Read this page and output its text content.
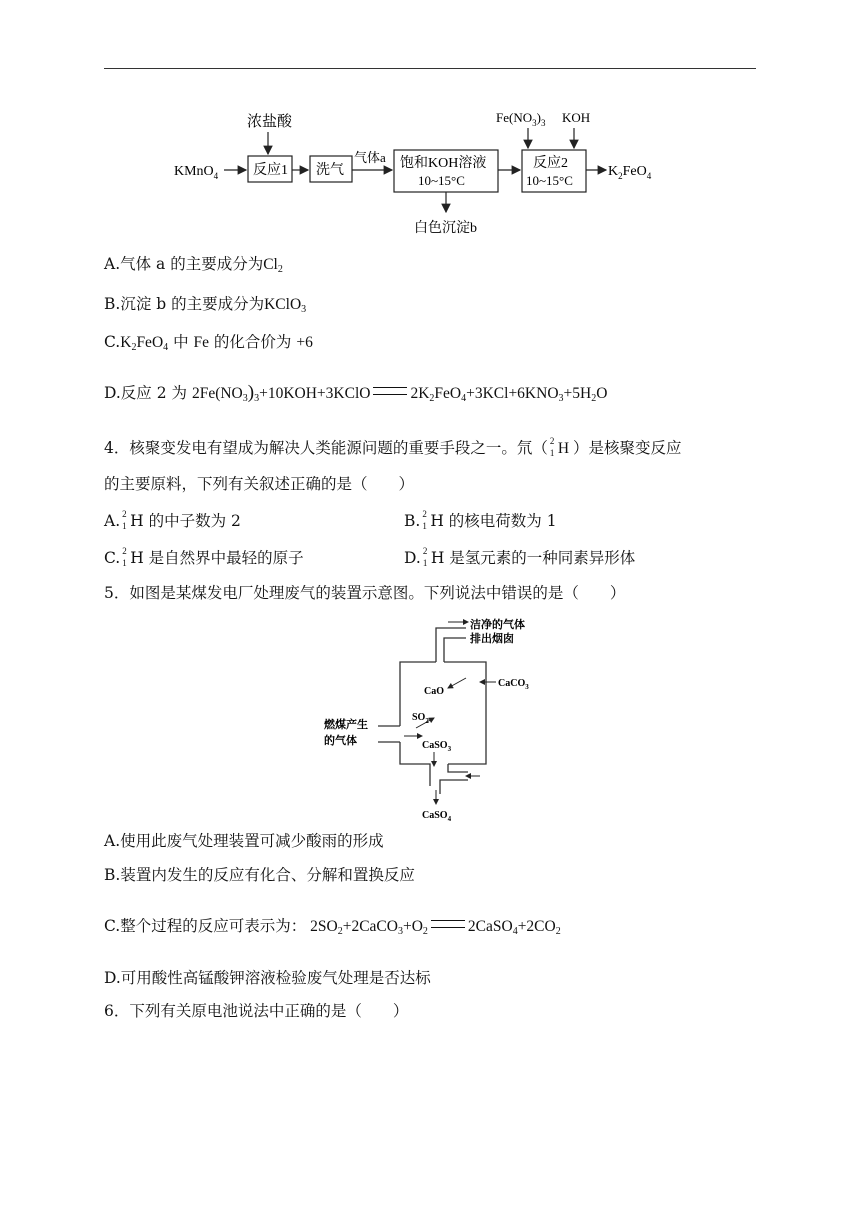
KMnO$_4$
浓盐酸
反应1 洗气
气体a 饱和KOH溶液
10~15°C
白色沉淀b
$Fe(NO_3)_3$ KOH
反应2
10~15°C
$K_2FeO_4$
A.气体 a 的主要成分为$Cl_2$
B.沉淀 b 的主要成分为KClO$_3$
$C.K_2FeO_4$ 中 Fe 的化合价为 +6
D.反应 2 为 $2Fe(NO_3)_3+10KOH+3KClO$	$2K_2FeO_4+3KCl+6KNO_3+5H_2O$
4．核聚变发电有望成为解决人类能源问题的重要手段之一。氘（ 2
1 H ）是核聚变反应
的主要原料，下列有关叙述正确的是（　　）
A. 2
1 H 的中子数为 2	B. 2
1 H 的核电荷数为 1
C. 2
1 H 是自然界中最轻的原子	D. 2
1 H 是氢元素的一种同素异形体
5．如图是某煤发电厂处理废气的装置示意图。下列说法中错误的是（　　）
洁净的气体
排出烟囱
CaCO$_3$
CaO
$SO_2$
燃煤产生
的气体	CaSO$_3$
CaSO$_4$
A.使用此废气处理装置可减少酸雨的形成
B.装置内发生的反应有化合、分解和置换反应
C.整个过程的反应可表示为： $2SO_2+2CaCO_3+O_2$	$2CaSO_4+2CO_2$
D.可用酸性高锰酸钾溶液检验废气处理是否达标
6．下列有关原电池说法中正确的是（　　）
